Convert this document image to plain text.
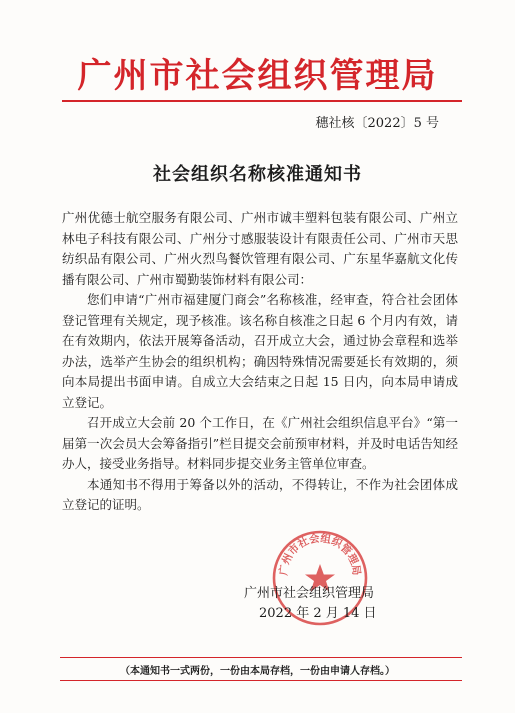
广州市社会组织管理局
穗社核〔2022〕5 号
社会组织名称核准通知书

广州优德士航空服务有限公司、广州市诚丰塑料包装有限公司、广州立林电子科技有限公司、广州分寸感服装设计有限责任公司、广州市天思纺织品有限公司、广州火烈鸟餐饮管理有限公司、广东星华嘉航文化传播有限公司、广州市蜀勤装饰材料有限公司：

您们申请“广州市福建厦门商会”名称核准，经审查，符合社会团体登记管理有关规定，现予核准。该名称自核准之日起 6 个月内有效，请在有效期内，依法开展筹备活动，召开成立大会，通过协会章程和选举办法，选举产生协会的组织机构；确因特殊情况需要延长有效期的，须向本局提出书面申请。自成立大会结束之日起 15 日内，向本局申请成立登记。

召开成立大会前 20 个工作日，在《广州社会组织信息平台》“第一届第一次会员大会筹备指引”栏目提交会前预审材料，并及时电话告知经办人，接受业务指导。材料同步提交业务主管单位审查。

本通知书不得用于筹备以外的活动，不得转让，不作为社会团体成立登记的证明。

广州市社会组织管理局
广州市社会组织管理局
2022 年 2 月 14 日
（本通知书一式两份，一份由本局存档，一份由申请人存档。）
